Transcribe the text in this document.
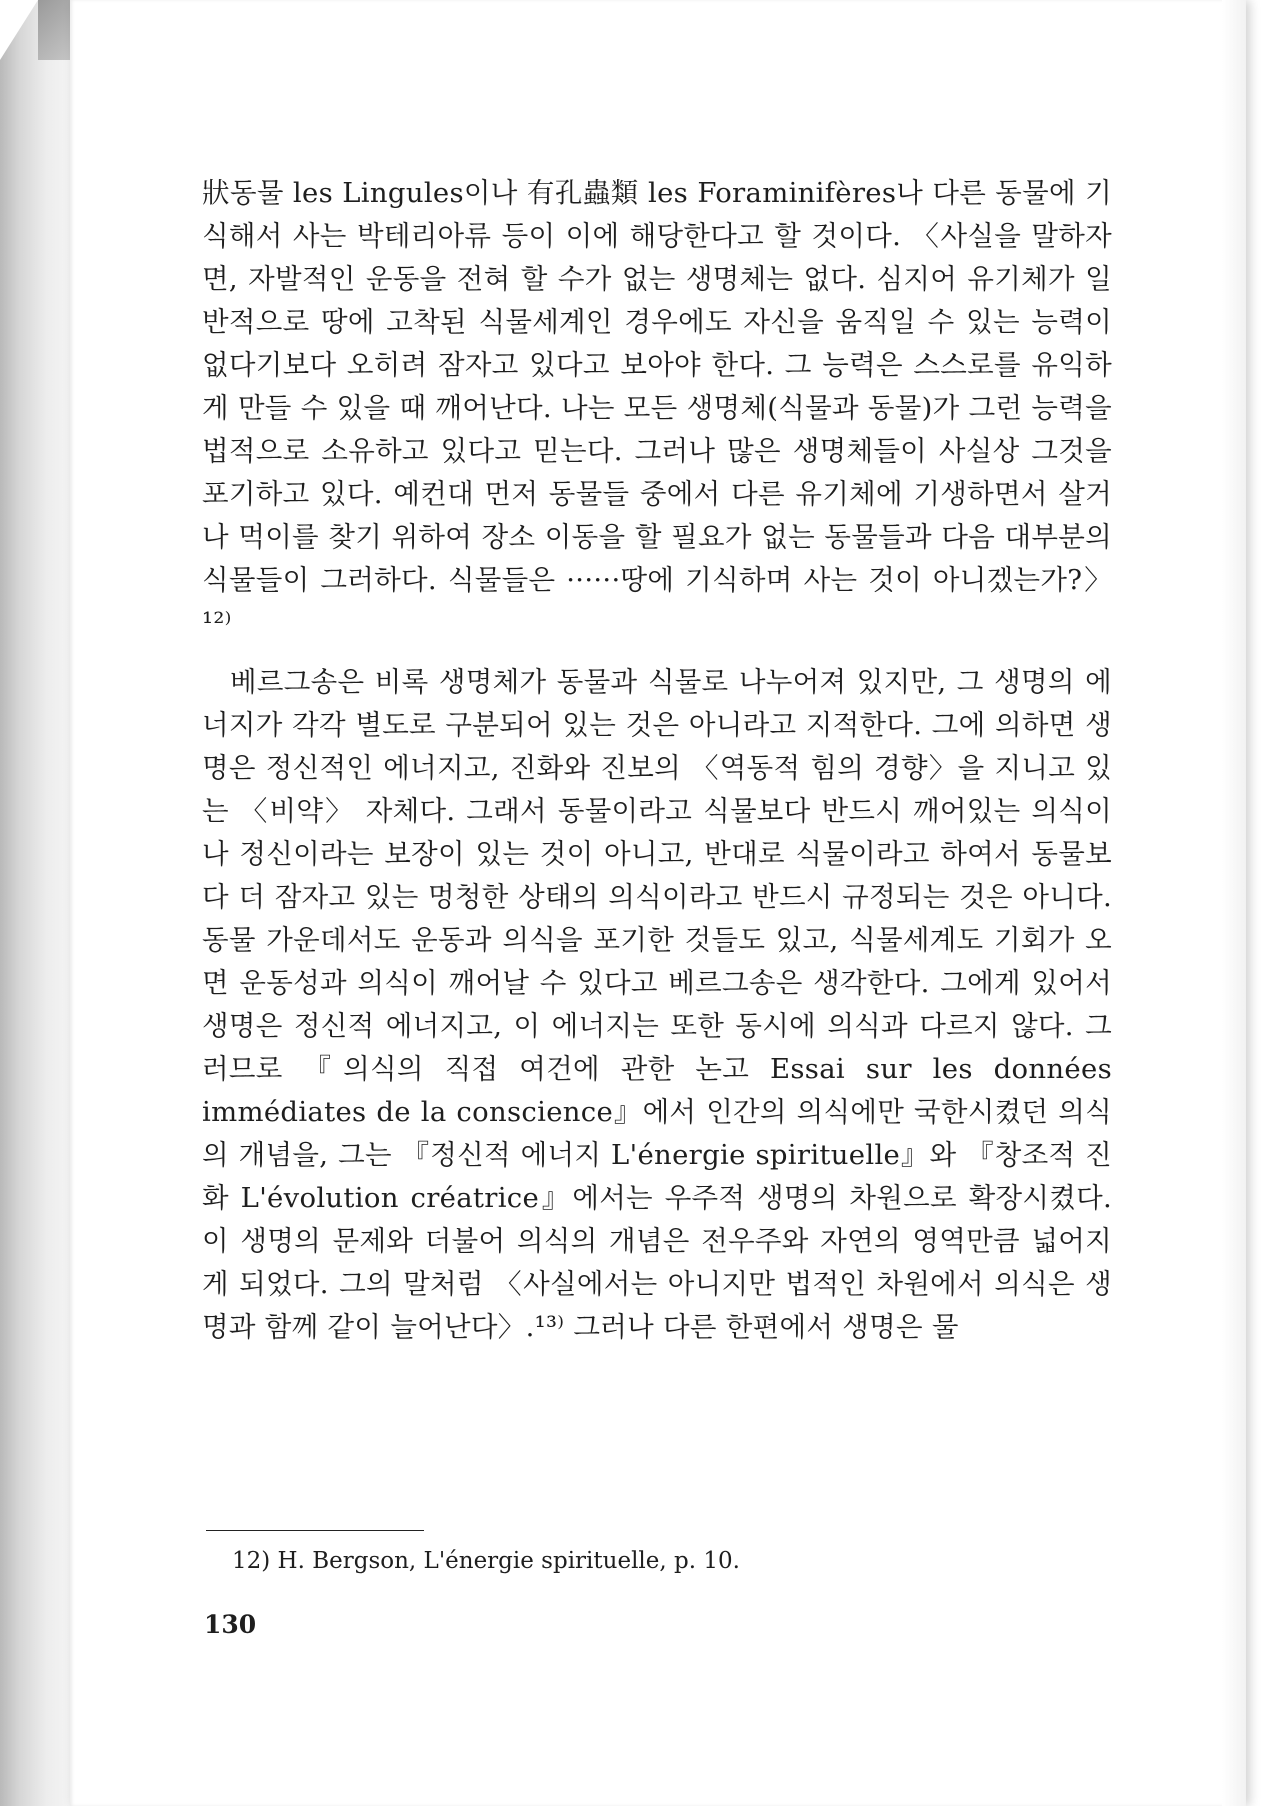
狀동물 les Lingules이나 有孔蟲類 les Foraminifères나 다른 동물에 기식해서 사는 박테리아류 등이 이에 해당한다고 할 것이다. 〈사실을 말하자면, 자발적인 운동을 전혀 할 수가 없는 생명체는 없다. 심지어 유기체가 일반적으로 땅에 고착된 식물세계인 경우에도 자신을 움직일 수 있는 능력이 없다기보다 오히려 잠자고 있다고 보아야 한다. 그 능력은 스스로를 유익하게 만들 수 있을 때 깨어난다. 나는 모든 생명체(식물과 동물)가 그런 능력을 법적으로 소유하고 있다고 믿는다. 그러나 많은 생명체들이 사실상 그것을 포기하고 있다. 예컨대 먼저 동물들 중에서 다른 유기체에 기생하면서 살거나 먹이를 찾기 위하여 장소 이동을 할 필요가 없는 동물들과 다음 대부분의 식물들이 그러하다. 식물들은 ······땅에 기식하며 사는 것이 아니겠는가?〉¹²⁾

베르그송은 비록 생명체가 동물과 식물로 나누어져 있지만, 그 생명의 에너지가 각각 별도로 구분되어 있는 것은 아니라고 지적한다. 그에 의하면 생명은 정신적인 에너지고, 진화와 진보의 〈역동적 힘의 경향〉을 지니고 있는 〈비약〉 자체다. 그래서 동물이라고 식물보다 반드시 깨어있는 의식이나 정신이라는 보장이 있는 것이 아니고, 반대로 식물이라고 하여서 동물보다 더 잠자고 있는 멍청한 상태의 의식이라고 반드시 규정되는 것은 아니다. 동물 가운데서도 운동과 의식을 포기한 것들도 있고, 식물세계도 기회가 오면 운동성과 의식이 깨어날 수 있다고 베르그송은 생각한다. 그에게 있어서 생명은 정신적 에너지고, 이 에너지는 또한 동시에 의식과 다르지 않다. 그러므로 『의식의 직접 여건에 관한 논고 Essai sur les données immédiates de la conscience』에서 인간의 의식에만 국한시켰던 의식의 개념을, 그는 『정신적 에너지 L'énergie spirituelle』와 『창조적 진화 L'évolution créatrice』에서는 우주적 생명의 차원으로 확장시켰다. 이 생명의 문제와 더불어 의식의 개념은 전우주와 자연의 영역만큼 넓어지게 되었다. 그의 말처럼 〈사실에서는 아니지만 법적인 차원에서 의식은 생명과 함께 같이 늘어난다〉.¹³⁾ 그러나 다른 한편에서 생명은 물

12) H. Bergson, L'énergie spirituelle, p. 10.
130
